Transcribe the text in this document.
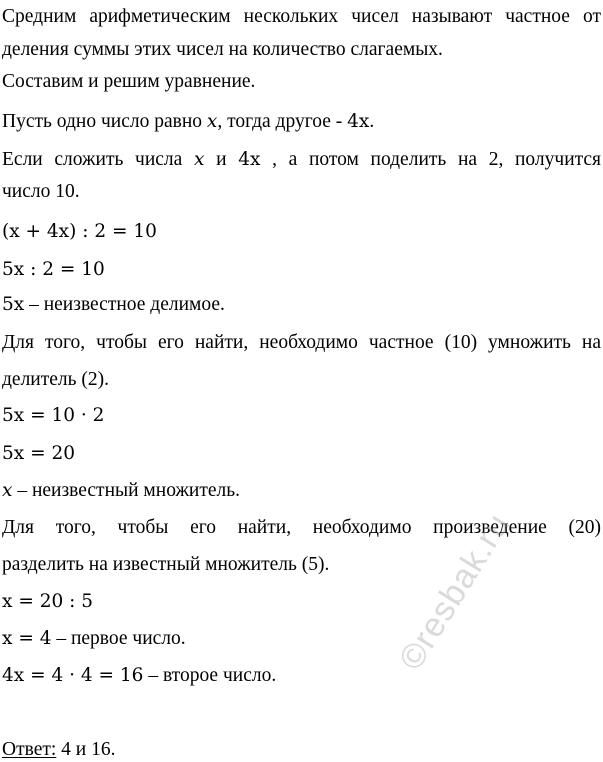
Средним арифметическим нескольких чисел называют частное от
деления суммы этих чисел на количество слагаемых.
Составим и решим уравнение.
Пусть одно число равно x, тогда другое - 4x.
Если сложить числа x и 4x , а потом поделить на 2, получится
число 10.
(x + 4x) : 2 = 10
5x : 2 = 10
5x – неизвестное делимое.
Для того, чтобы его найти, необходимо частное (10) умножить на
делитель (2).
5x = 10 · 2
5x = 20
x – неизвестный множитель.
Для того, чтобы его найти, необходимо произведение (20)
разделить на известный множитель (5).
x = 20 : 5
x = 4 – первое число.
4x = 4 · 4 = 16 – второе число.
Ответ: 4 и 16.
©resbak.ru
